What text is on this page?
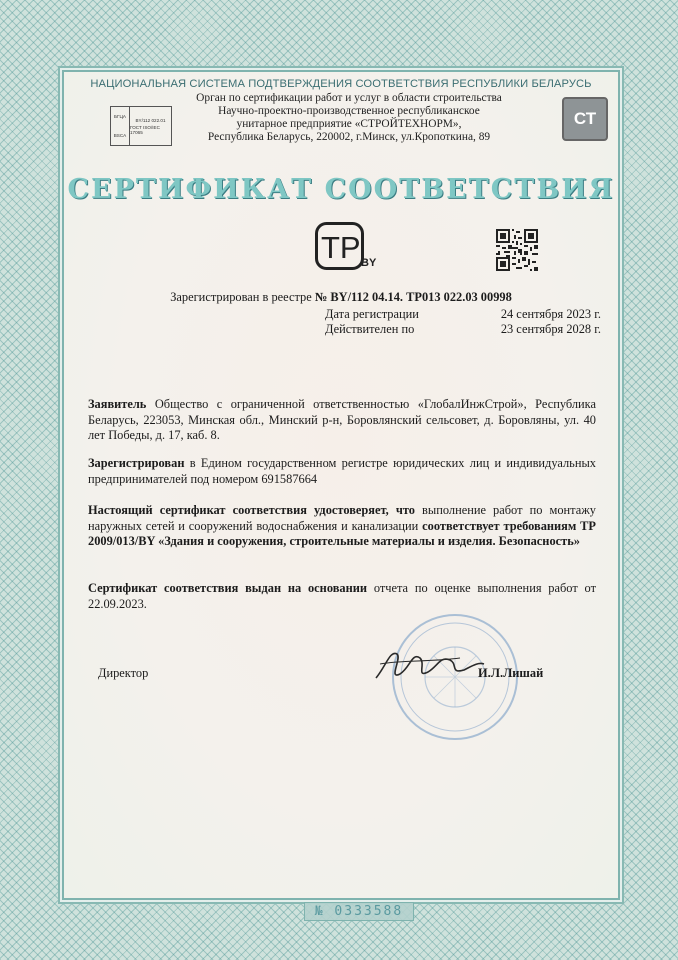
НАЦИОНАЛЬНАЯ СИСТЕМА ПОДТВЕРЖДЕНИЯ СООТВЕТСТВИЯ РЕСПУБЛИКИ БЕЛАРУСЬ
БГЦА
BSCA
BY/112 022.01
ГОСТ ISO/IEC 17065
Орган по сертификации работ и услуг в области строительства
Научно-проектно-производственное республиканское
унитарное предприятие «СТРОЙТЕХНОРМ»,
Республика Беларусь, 220002, г.Минск, ул.Кропоткина, 89
СТ
СЕРТИФИКАТ СООТВЕТСТВИЯ
TP BY
Зарегистрирован в реестре № BY/112 04.14. ТР013 022.03 00998
Дата регистрации	24 сентября 2023 г.
Действителен по	23 сентября 2028 г.
Заявитель Общество с ограниченной ответственностью «ГлобалИнжСтрой», Республика Беларусь, 223053, Минская обл., Минский р-н, Боровлянский сельсовет, д. Боровляны, ул. 40 лет Победы, д. 17, каб. 8.
Зарегистрирован в Едином государственном регистре юридических лиц и индивидуальных предпринимателей под номером 691587664
Настоящий сертификат соответствия удостоверяет, что выполнение работ по монтажу наружных сетей и сооружений водоснабжения и канализации соответствует требованиям ТР 2009/013/BY «Здания и сооружения, строительные материалы и изделия. Безопасность»
Сертификат соответствия выдан на основании отчета по оценке выполнения работ от 22.09.2023.
Директор	И.Л.Лишай
№ 0333588
